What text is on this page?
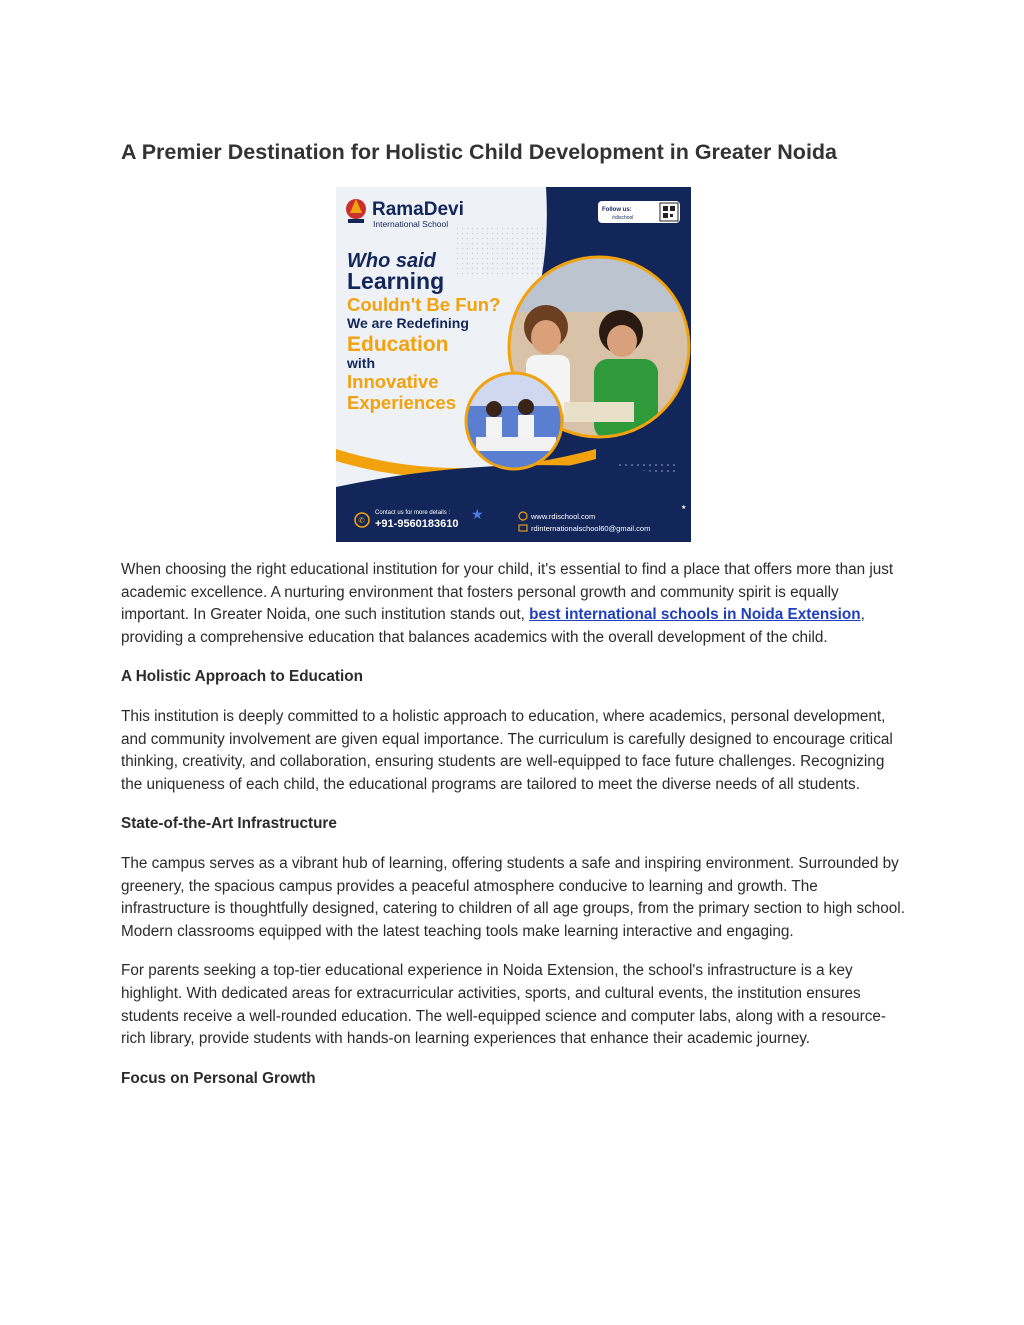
A Premier Destination for Holistic Child Development in Greater Noida
RamaDevi
International School
Follow us:
/rdischool
Who said
Learning
Couldn't Be Fun?
We are Redefining
Education
with
Innovative
Experiences
★	★
✆
Contact us for more details :
+91-9560183610
www.rdischool.com
rdinternationalschool60@gmail.com

When choosing the right educational institution for your child, it's essential to find a place that offers more than just academic excellence. A nurturing environment that fosters personal growth and community spirit is equally important. In Greater Noida, one such institution stands out, best international schools in Noida Extension, providing a comprehensive education that balances academics with the overall development of the child.

A Holistic Approach to Education

This institution is deeply committed to a holistic approach to education, where academics, personal development, and community involvement are given equal importance. The curriculum is carefully designed to encourage critical thinking, creativity, and collaboration, ensuring students are well-equipped to face future challenges. Recognizing the uniqueness of each child, the educational programs are tailored to meet the diverse needs of all students.

State-of-the-Art Infrastructure

The campus serves as a vibrant hub of learning, offering students a safe and inspiring environment. Surrounded by greenery, the spacious campus provides a peaceful atmosphere conducive to learning and growth. The infrastructure is thoughtfully designed, catering to children of all age groups, from the primary section to high school. Modern classrooms equipped with the latest teaching tools make learning interactive and engaging.

For parents seeking a top-tier educational experience in Noida Extension, the school's infrastructure is a key highlight. With dedicated areas for extracurricular activities, sports, and cultural events, the institution ensures students receive a well-rounded education. The well-equipped science and computer labs, along with a resource-rich library, provide students with hands-on learning experiences that enhance their academic journey.

Focus on Personal Growth
